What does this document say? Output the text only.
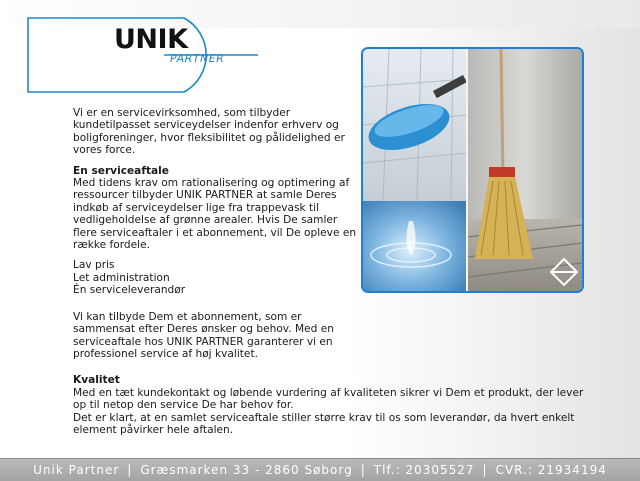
UNIK
PARTNER

Vi er en servicevirksomhed, som tilbyder kundetilpasset serviceydelser indenfor erhverv og boligforeninger, hvor fleksibilitet og pålidelighed er vores force.

En serviceaftale

Med tidens krav om rationalisering og optimering af ressourcer tilbyder UNIK PARTNER at samle Deres indkøb af serviceydelser lige fra trappevask til vedligeholdelse af grønne arealer. Hvis De samler flere serviceaftaler i et abonnement, vil De opleve en række fordele.

Lav pris

Let administration

Én serviceleverandør

Vi kan tilbyde Dem et abonnement, som er sammensat efter Deres ønsker og behov. Med en serviceaftale hos UNIK PARTNER garanterer vi en professionel service af høj kvalitet.

Kvalitet

Med en tæt kundekontakt og løbende vurdering af kvaliteten sikrer vi Dem et produkt, der lever op til netop den service De har behov for.

Det er klart, at en samlet serviceaftale stiller større krav til os som leverandør, da hvert enkelt element påvirker hele aftalen.

Unik Partner | Græsmarken 33 - 2860 Søborg | Tlf.: 20305527 | CVR.: 21934194
